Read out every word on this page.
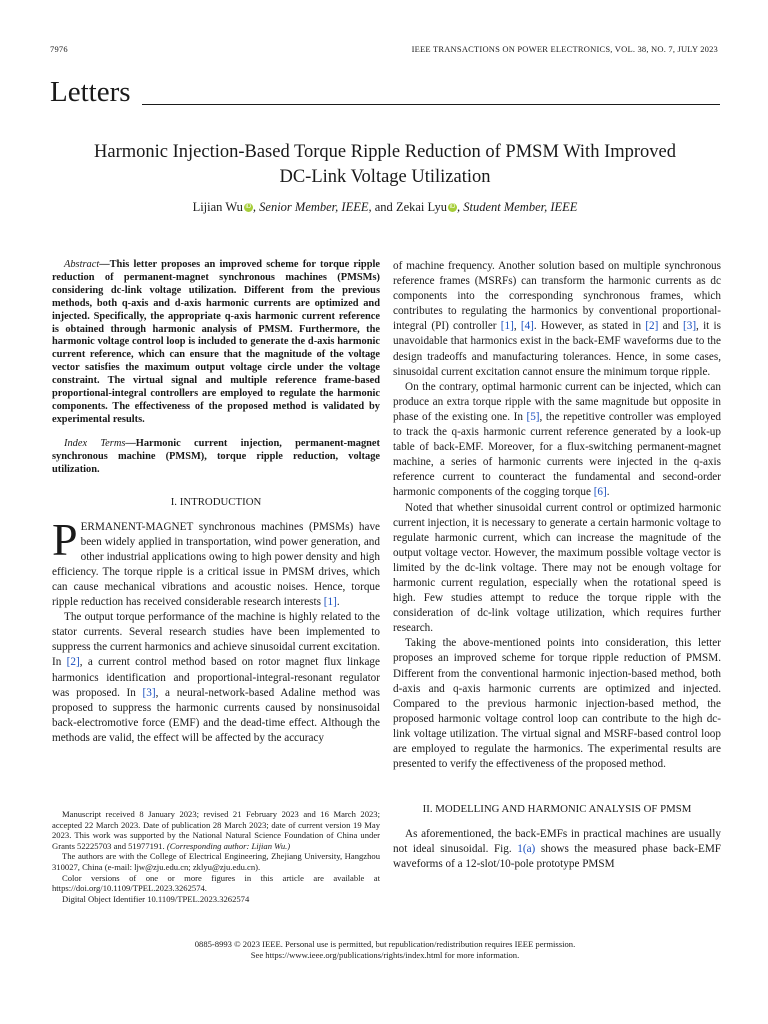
7976	IEEE TRANSACTIONS ON POWER ELECTRONICS, VOL. 38, NO. 7, JULY 2023
Letters
Harmonic Injection-Based Torque Ripple Reduction of PMSM With Improved
DC-Link Voltage Utilization
Lijian Wu iD , Senior Member, IEEE, and Zekai Lyu iD , Student Member, IEEE

Abstract—This letter proposes an improved scheme for torque ripple reduction of permanent-magnet synchronous machines (PMSMs) considering dc-link voltage utilization. Different from the previous methods, both q-axis and d-axis harmonic currents are optimized and injected. Specifically, the appropriate q-axis harmonic current reference is obtained through harmonic analysis of PMSM. Furthermore, the harmonic voltage control loop is included to generate the d-axis harmonic current reference, which can ensure that the magnitude of the voltage vector satisfies the maximum output voltage circle under the voltage constraint. The virtual signal and multiple reference frame-based proportional-integral controllers are employed to regulate the harmonic components. The effectiveness of the proposed method is validated by experimental results.

Index Terms—Harmonic current injection, permanent-magnet synchronous machine (PMSM), torque ripple reduction, voltage utilization.

I. INTRODUCTION

PERMANENT-MAGNET synchronous machines (PMSMs) have been widely applied in transportation, wind power generation, and other industrial applications owing to high power density and high efficiency. The torque ripple is a critical issue in PMSM drives, which can cause mechanical vibrations and acoustic noises. Hence, torque ripple reduction has received considerable research interests [1].

The output torque performance of the machine is highly related to the stator currents. Several research studies have been implemented to suppress the current harmonics and achieve sinusoidal current excitation. In [2], a current control method based on rotor magnet flux linkage harmonics identification and proportional-integral-resonant regulator was proposed. In [3], a neural-network-based Adaline method was proposed to suppress the harmonic currents caused by nonsinusoidal back-electromotive force (EMF) and the dead-time effect. Although the methods are valid, the effect will be affected by the accuracy

of machine frequency. Another solution based on multiple synchronous reference frames (MSRFs) can transform the harmonic currents as dc components into the corresponding synchronous frames, which contributes to regulating the harmonics by conventional proportional-integral (PI) controller [1], [4]. However, as stated in [2] and [3], it is unavoidable that harmonics exist in the back-EMF waveforms due to the design tradeoffs and manufacturing tolerances. Hence, in some cases, sinusoidal current excitation cannot ensure the minimum torque ripple.

On the contrary, optimal harmonic current can be injected, which can produce an extra torque ripple with the same magnitude but opposite in phase of the existing one. In [5], the repetitive controller was employed to track the q-axis harmonic current reference generated by a look-up table of back-EMF. Moreover, for a flux-switching permanent-magnet machine, a series of harmonic currents were injected in the q-axis reference current to counteract the fundamental and second-order harmonic components of the cogging torque [6].

Noted that whether sinusoidal current control or optimized harmonic current injection, it is necessary to generate a certain harmonic voltage to regulate harmonic current, which can increase the magnitude of the output voltage vector. However, the maximum possible voltage vector is limited by the dc-link voltage. There may not be enough voltage for harmonic current regulation, especially when the rotational speed is high. Few studies attempt to reduce the torque ripple with the consideration of dc-link voltage utilization, which requires further research.

Taking the above-mentioned points into consideration, this letter proposes an improved scheme for torque ripple reduction of PMSM. Different from the conventional harmonic injection-based method, both d-axis and q-axis harmonic currents are optimized and injected. Compared to the previous harmonic injection-based method, the proposed harmonic voltage control loop can contribute to the high dc-link voltage utilization. The virtual signal and MSRF-based control loop are employed to regulate the harmonics. The experimental results are presented to verify the effectiveness of the proposed method.

II. MODELLING AND HARMONIC ANALYSIS OF PMSM

As aforementioned, the back-EMFs in practical machines are usually not ideal sinusoidal. Fig. 1(a) shows the measured phase back-EMF waveforms of a 12-slot/10-pole prototype PMSM

Manuscript received 8 January 2023; revised 21 February 2023 and 16 March 2023; accepted 22 March 2023. Date of publication 28 March 2023; date of current version 19 May 2023. This work was supported by the National Natural Science Foundation of China under Grants 52225703 and 51977191. (Corresponding author: Lijian Wu.)

The authors are with the College of Electrical Engineering, Zhejiang University, Hangzhou 310027, China (e-mail: ljw@zju.edu.cn; zklyu@zju.edu.cn).

Color versions of one or more figures in this article are available at https://doi.org/10.1109/TPEL.2023.3262574.

Digital Object Identifier 10.1109/TPEL.2023.3262574

0885-8993 © 2023 IEEE. Personal use is permitted, but republication/redistribution requires IEEE permission.
See https://www.ieee.org/publications/rights/index.html for more information.
